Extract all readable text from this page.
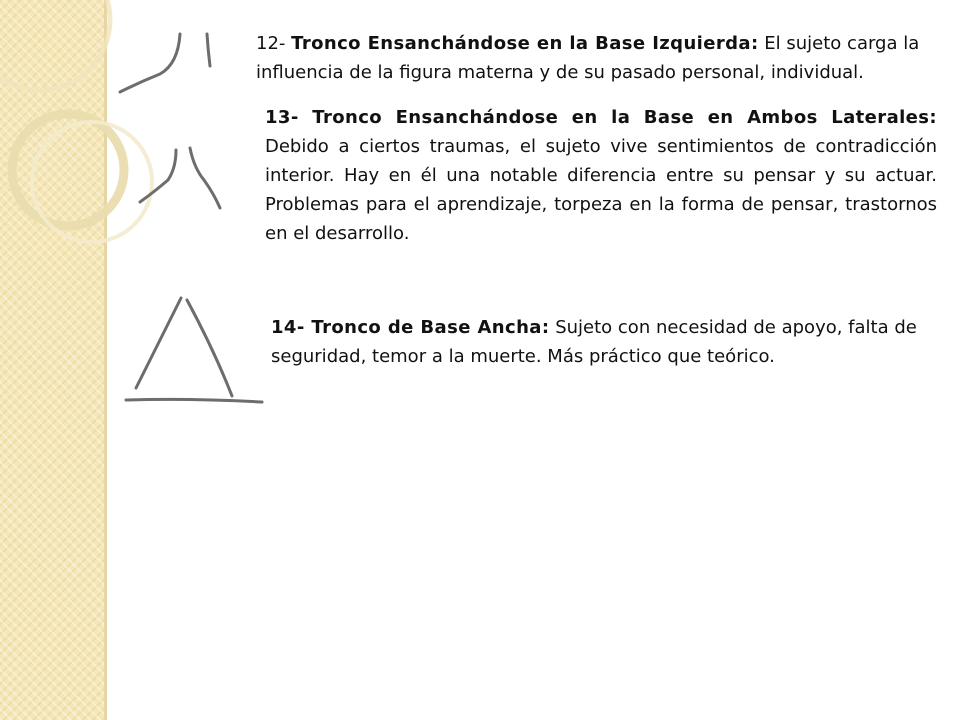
12- Tronco Ensanchándose en la Base Izquierda: El sujeto carga la influencia de la figura materna y de su pasado personal, individual.
13- Tronco Ensanchándose en la Base en Ambos Laterales: Debido a ciertos traumas, el sujeto vive sentimientos de contradicción interior. Hay en él una notable diferencia entre su pensar y su actuar. Problemas para el aprendizaje, torpeza en la forma de pensar, trastornos en el desarrollo.
14- Tronco de Base Ancha: Sujeto con necesidad de apoyo, falta de seguridad, temor a la muerte. Más práctico que teórico.
